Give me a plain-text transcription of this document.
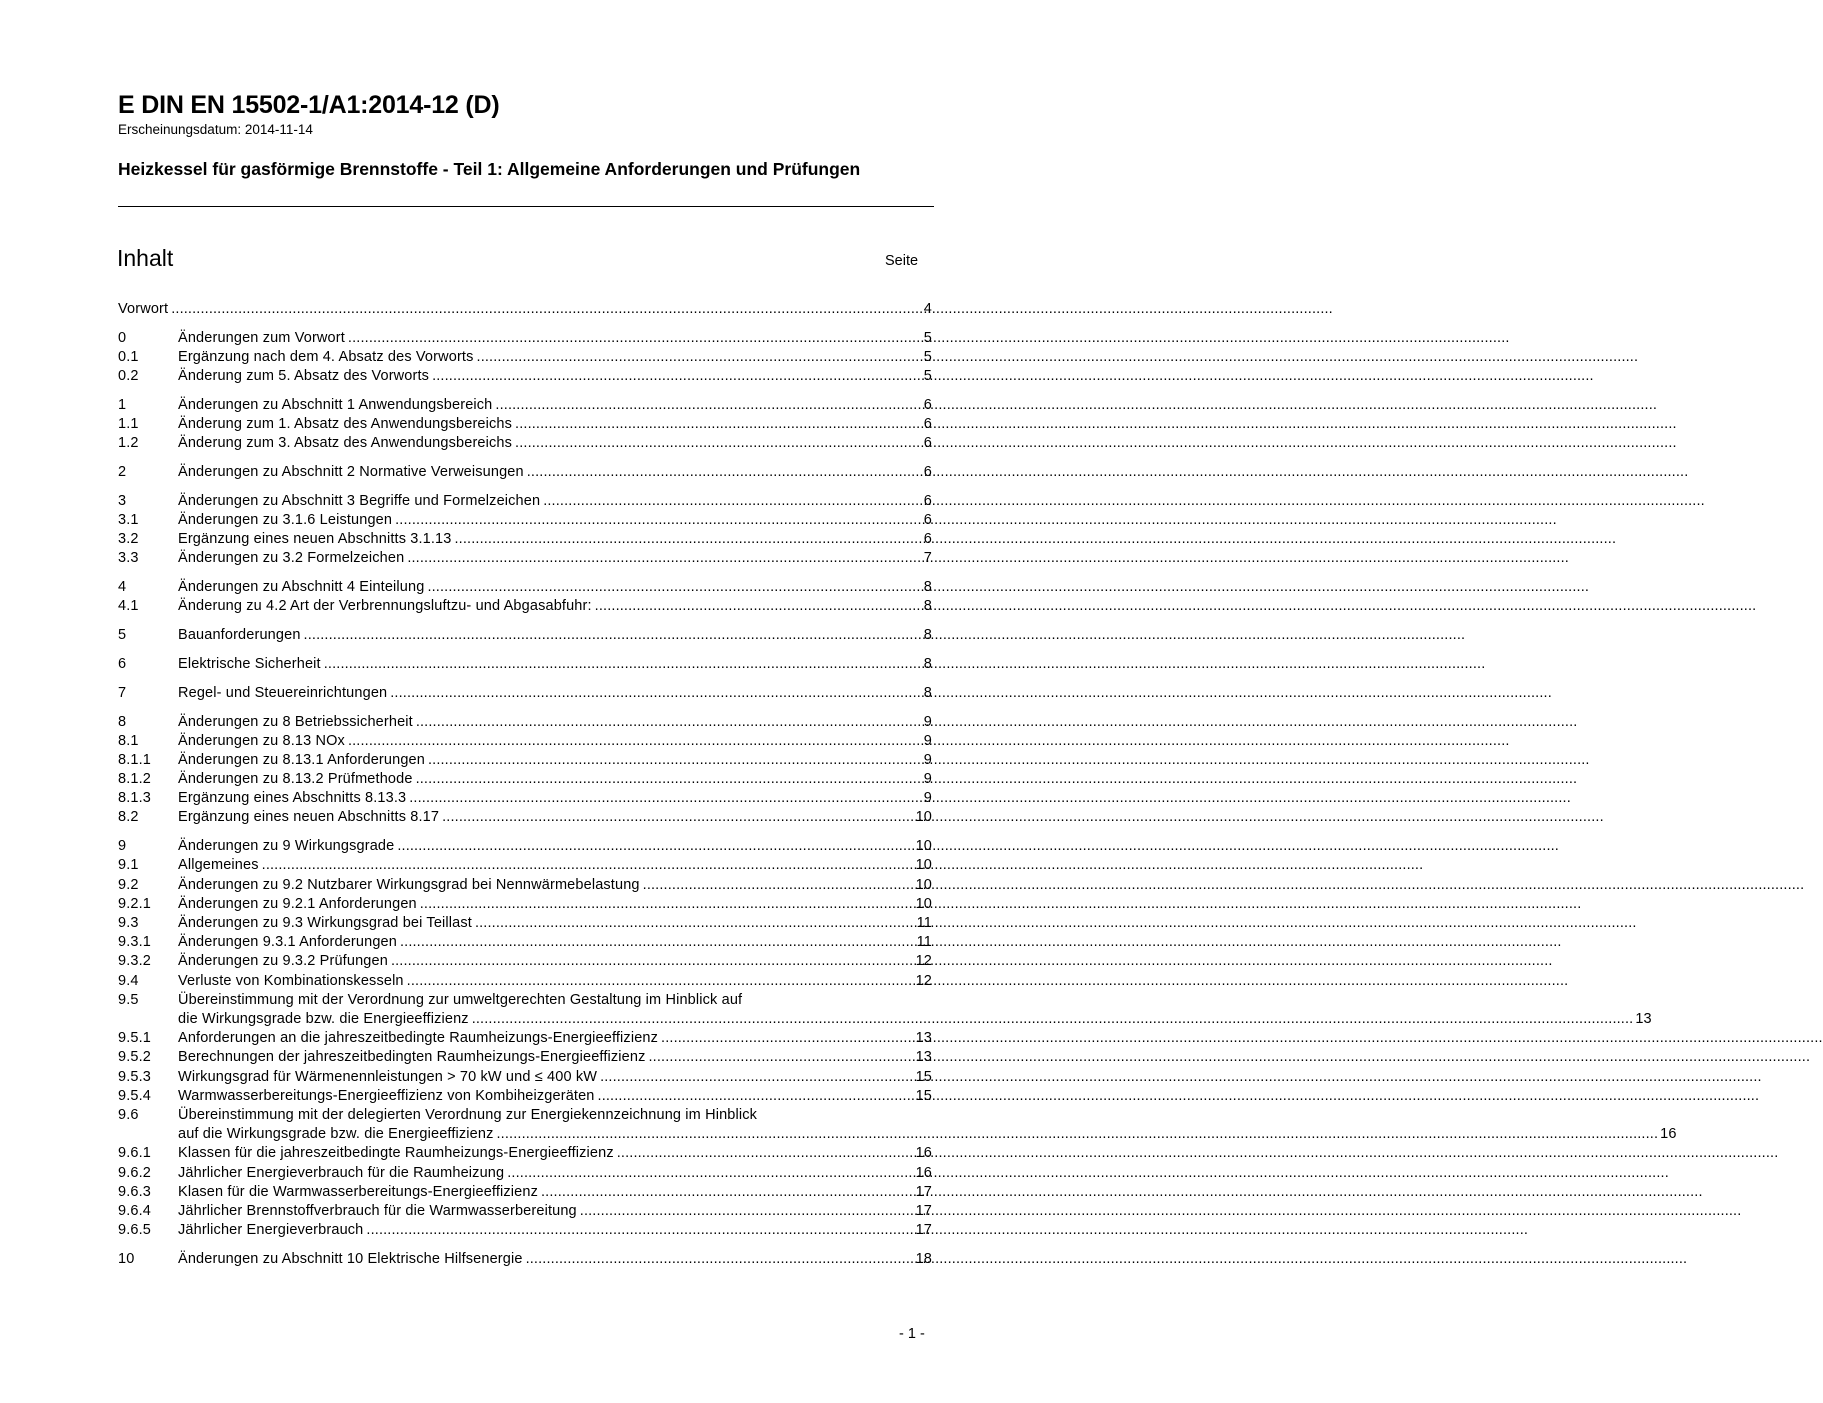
E DIN EN 15502-1/A1:2014-12 (D)
Erscheinungsdatum: 2014-11-14
Heizkessel für gasförmige Brennstoffe - Teil 1: Allgemeine Anforderungen und Prüfungen
Inhalt	Seite
Vorwort .....	4
0	Änderungen zum Vorwort .....	5
0.1	Ergänzung nach dem 4. Absatz des Vorworts .....	5
0.2	Änderung zum 5. Absatz des Vorworts .....	5
1	Änderungen zu Abschnitt 1 Anwendungsbereich .....	6
1.1	Änderung zum 1. Absatz des Anwendungsbereichs .....	6
1.2	Änderung zum 3. Absatz des Anwendungsbereichs .....	6
2	Änderungen zu Abschnitt 2 Normative Verweisungen .....	6
3	Änderungen zu Abschnitt 3 Begriffe und Formelzeichen .....	6
3.1	Änderungen zu 3.1.6 Leistungen .....	6
3.2	Ergänzung eines neuen Abschnitts 3.1.13 .....	6
3.3	Änderungen zu 3.2 Formelzeichen .....	7
4	Änderungen zu Abschnitt 4 Einteilung .....	8
4.1	Änderung zu 4.2 Art der Verbrennungsluftzu- und Abgasabfuhr: .....	8
5	Bauanforderungen .....	8
6	Elektrische Sicherheit .....	8
7	Regel- und Steuereinrichtungen .....	8
8	Änderungen zu 8 Betriebssicherheit .....	9
8.1	Änderungen zu 8.13 NOx .....	9
8.1.1	Änderungen zu 8.13.1 Anforderungen .....	9
8.1.2	Änderungen zu 8.13.2 Prüfmethode .....	9
8.1.3	Ergänzung eines Abschnitts 8.13.3 .....	9
8.2	Ergänzung eines neuen Abschnitts 8.17 .....	10
9	Änderungen zu 9 Wirkungsgrade .....	10
9.1	Allgemeines .....	10
9.2	Änderungen zu 9.2 Nutzbarer Wirkungsgrad bei Nennwärmebelastung .....	10
9.2.1	Änderungen zu 9.2.1 Anforderungen .....	10
9.3	Änderungen zu 9.3 Wirkungsgrad bei Teillast .....	11
9.3.1	Änderungen 9.3.1 Anforderungen .....	11
9.3.2	Änderungen zu 9.3.2 Prüfungen .....	12
9.4	Verluste von Kombinationskesseln .....	12
9.5	Übereinstimmung mit der Verordnung zur umweltgerechten Gestaltung im Hinblick auf
die Wirkungsgrade bzw. die Energieeffizienz .....	13
9.5.1	Anforderungen an die jahreszeitbedingte Raumheizungs-Energieeffizienz .....	13
9.5.2	Berechnungen der jahreszeitbedingten Raumheizungs-Energieeffizienz .....	13
9.5.3	Wirkungsgrad für Wärmenennleistungen > 70 kW und ≤ 400 kW .....	15
9.5.4	Warmwasserbereitungs-Energieeffizienz von Kombiheizgeräten .....	15
9.6	Übereinstimmung mit der delegierten Verordnung zur Energiekennzeichnung im Hinblick
auf die Wirkungsgrade bzw. die Energieeffizienz .....	16
9.6.1	Klassen für die jahreszeitbedingte Raumheizungs-Energieeffizienz .....	16
9.6.2	Jährlicher Energieverbrauch für die Raumheizung .....	16
9.6.3	Klasen für die Warmwasserbereitungs-Energieeffizienz .....	17
9.6.4	Jährlicher Brennstoffverbrauch für die Warmwasserbereitung .....	17
9.6.5	Jährlicher Energieverbrauch .....	17
10	Änderungen zu Abschnitt 10 Elektrische Hilfsenergie .....	18
- 1 -
